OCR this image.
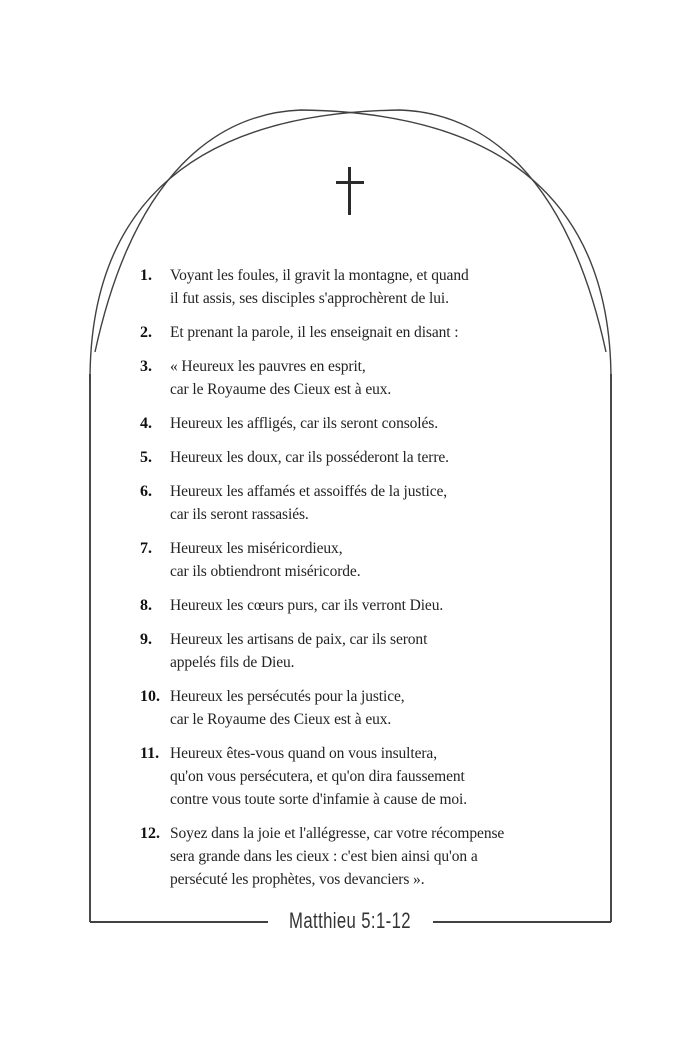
1.	Voyant les foules, il gravit la montagne, et quand
il fut assis, ses disciples s'approchèrent de lui.
2.	Et prenant la parole, il les enseignait en disant :
3.	« Heureux les pauvres en esprit,
car le Royaume des Cieux est à eux.
4.	Heureux les affligés, car ils seront consolés.
5.	Heureux les doux, car ils posséderont la terre.
6.	Heureux les affamés et assoiffés de la justice,
car ils seront rassasiés.
7.	Heureux les miséricordieux,
car ils obtiendront miséricorde.
8.	Heureux les cœurs purs, car ils verront Dieu.
9.	Heureux les artisans de paix, car ils seront
appelés fils de Dieu.
10. Heureux les persécutés pour la justice,
car le Royaume des Cieux est à eux.
11. Heureux êtes-vous quand on vous insultera,
qu'on vous persécutera, et qu'on dira faussement
contre vous toute sorte d'infamie à cause de moi.
12. Soyez dans la joie et l'allégresse, car votre récompense
sera grande dans les cieux : c'est bien ainsi qu'on a
persécuté les prophètes, vos devanciers ».
Matthieu 5:1-12
